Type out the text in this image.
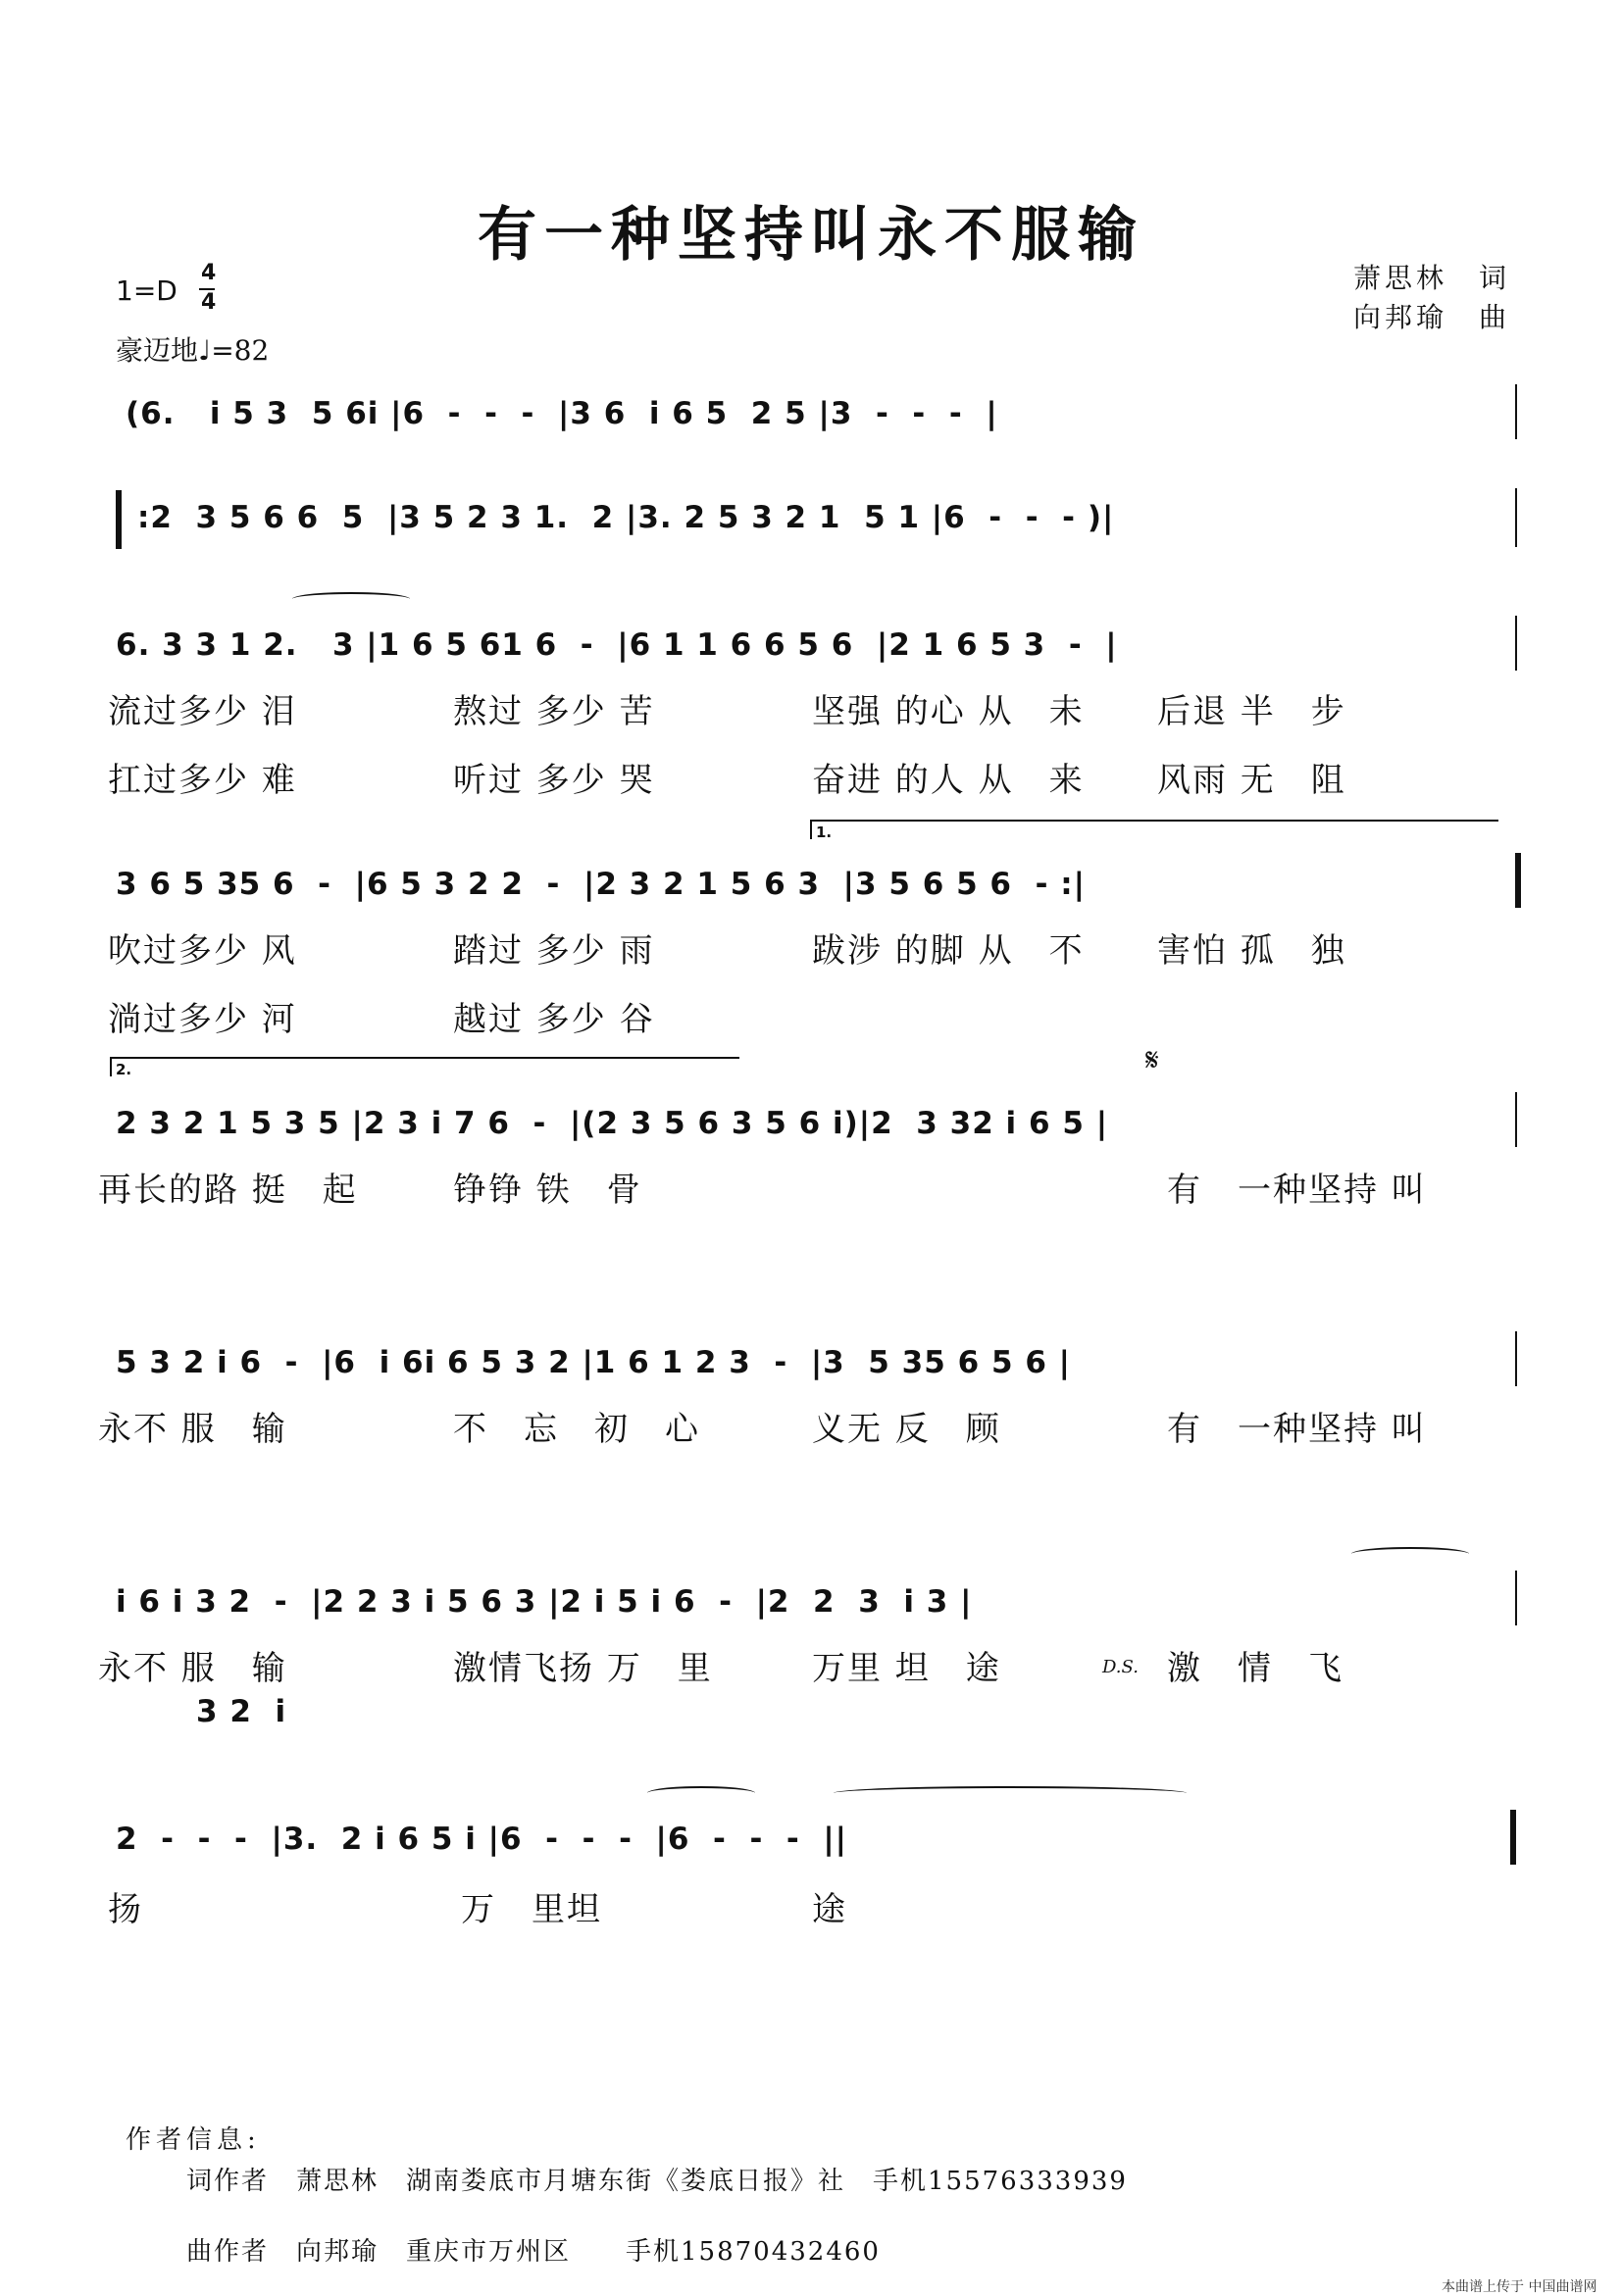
有一种坚持叫永不服输
萧思林　词
向邦瑜　曲
1=D
4
4
豪迈地♩=82
(6.   i 5 3  5 6i |6  -  -  -  |3 6  i 6 5  2 5 |3  -  -  -  |
:2  3 5 6 6  5  |3 5 2 3 1.  2 |3. 2 5 3 2 1  5 1 |6  -  -  - )|
6. 3 3 1 2.   3 |1 6 5 61 6  -  |6 1 1 6 6 5 6  |2 1 6 5 3  -  |
流过多少 泪	熬过 多少 苦	坚强 的心 从　未 后退 半　步
扛过多少 难	听过 多少 哭	奋进 的人 从　来 风雨 无　阻
1.
3 6 5 35 6  -  |6 5 3 2 2  -  |2 3 2 1 5 6 3  |3 5 6 5 6  - :|
吹过多少 风	踏过 多少 雨	跋涉 的脚 从　不 害怕 孤　独
淌过多少 河	越过 多少 谷
2.	𝄋
2 3 2 1 5 3 5 |2 3 i 7 6  -  |(2 3 5 6 3 5 6 i)|2  3 32 i 6 5 |
再长的路 挺　起	铮铮 铁　骨	有　一种坚持 叫
5 3 2 i 6  -  |6  i 6i 6 5 3 2 |1 6 1 2 3  -  |3  5 35 6 5 6 |
永不 服　输	不　忘　初　心	义无 反　顾	有　一种坚持 叫
i 6 i 3 2  -  |2 2 3 i 5 6 3 |2 i 5 i 6  -  |2  2  3  i 3 |
永不 服　输	激情飞扬 万　里	万里 坦　途	D.S. 激　情　飞
3 2  i
2  -  -  -  |3.  2 i 6 5 i |6  -  -  -  |6  -  -  -  ||
扬	万　里坦	途
作者信息:
词作者　萧思林　湖南娄底市月塘东街《娄底日报》社　手机15576333939
曲作者　向邦瑜　重庆市万州区　　手机15870432460
本曲谱上传于 中国曲谱网
